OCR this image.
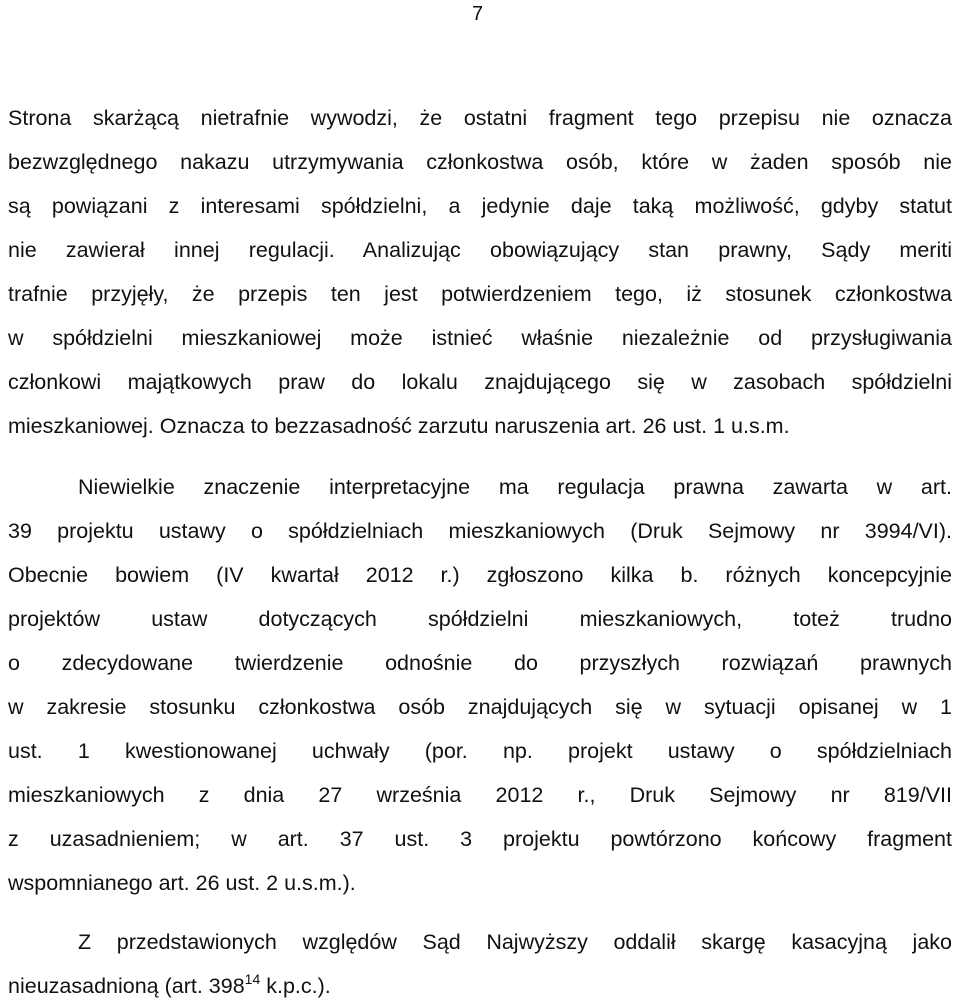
7
Strona skarżącą nietrafnie wywodzi, że ostatni fragment tego przepisu nie oznacza
bezwzględnego nakazu utrzymywania członkostwa osób, które w żaden sposób nie
są powiązani z interesami spółdzielni, a jedynie daje taką możliwość, gdyby statut
nie zawierał innej regulacji. Analizując obowiązujący stan prawny, Sądy meriti
trafnie przyjęły, że przepis ten jest potwierdzeniem tego, iż stosunek członkostwa
w spółdzielni mieszkaniowej może istnieć właśnie niezależnie od przysługiwania
członkowi majątkowych praw do lokalu znajdującego się w zasobach spółdzielni
mieszkaniowej. Oznacza to bezzasadność zarzutu naruszenia art. 26 ust. 1 u.s.m.
Niewielkie znaczenie interpretacyjne ma regulacja prawna zawarta w art.
39 projektu ustawy o spółdzielniach mieszkaniowych (Druk Sejmowy nr 3994/VI).
Obecnie bowiem (IV kwartał 2012 r.) zgłoszono kilka b. różnych koncepcyjnie
projektów ustaw dotyczących spółdzielni mieszkaniowych, toteż trudno
o zdecydowane twierdzenie odnośnie do przyszłych rozwiązań prawnych
w zakresie stosunku członkostwa osób znajdujących się w sytuacji opisanej w 1
ust. 1 kwestionowanej uchwały (por. np. projekt ustawy o spółdzielniach
mieszkaniowych z dnia 27 września 2012 r., Druk Sejmowy nr 819/VII
z uzasadnieniem; w art. 37 ust. 3 projektu powtórzono końcowy fragment
wspomnianego art. 26 ust. 2 u.s.m.).
Z przedstawionych względów Sąd Najwyższy oddalił skargę kasacyjną jako
nieuzasadnioną (art. $398^{14}$ k.p.c.).
